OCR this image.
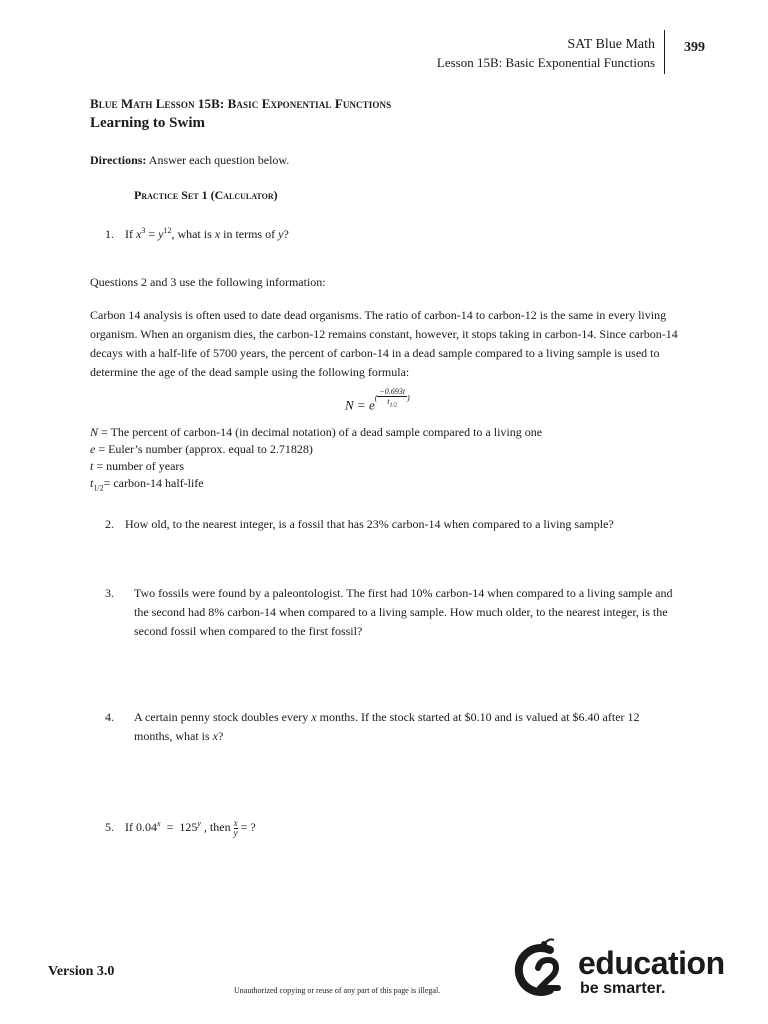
SAT Blue Math
Lesson 15B: Basic Exponential Functions
399
Blue Math Lesson 15B: Basic Exponential Functions
Learning to Swim
Directions: Answer each question below.
Practice Set 1 (Calculator)
1. If $x^3 = y^{12}$, what is x in terms of y?
Questions 2 and 3 use the following information:
Carbon 14 analysis is often used to date dead organisms. The ratio of carbon-14 to carbon-12 is the same in every living organism. When an organism dies, the carbon-12 remains constant, however, it stops taking in carbon-14. Since carbon-14 decays with a half-life of 5700 years, the percent of carbon-14 in a dead sample compared to a living sample is used to determine the age of the dead sample using the following formula:
$N = e( \frac{-0.693t}{t_{1/2}}$ )
N = The percent of carbon-14 (in decimal notation) of a dead sample compared to a living one
e = Euler’s number (approx. equal to 2.71828)
t = number of years
$t_{1/2}=$ carbon-14 half-life
2. How old, to the nearest integer, is a fossil that has 23% carbon-14 when compared to a living sample?
3. Two fossils were found by a paleontologist. The first had 10% carbon-14 when compared to a living sample and the second had 8% carbon-14 when compared to a living sample. How much older, to the nearest integer, is the second fossil when compared to the first fossil?
4. A certain penny stock doubles every x months. If the stock started at $0.10 and is valued at $6.40 after 12 months, what is x?
5. If 0.04$^x$  =  125$^y$ , then $\frac{x}{y}$ = ?
Version 3.0
Unauthorized copying or reuse of any part of this page is illegal.
education
be smarter.
